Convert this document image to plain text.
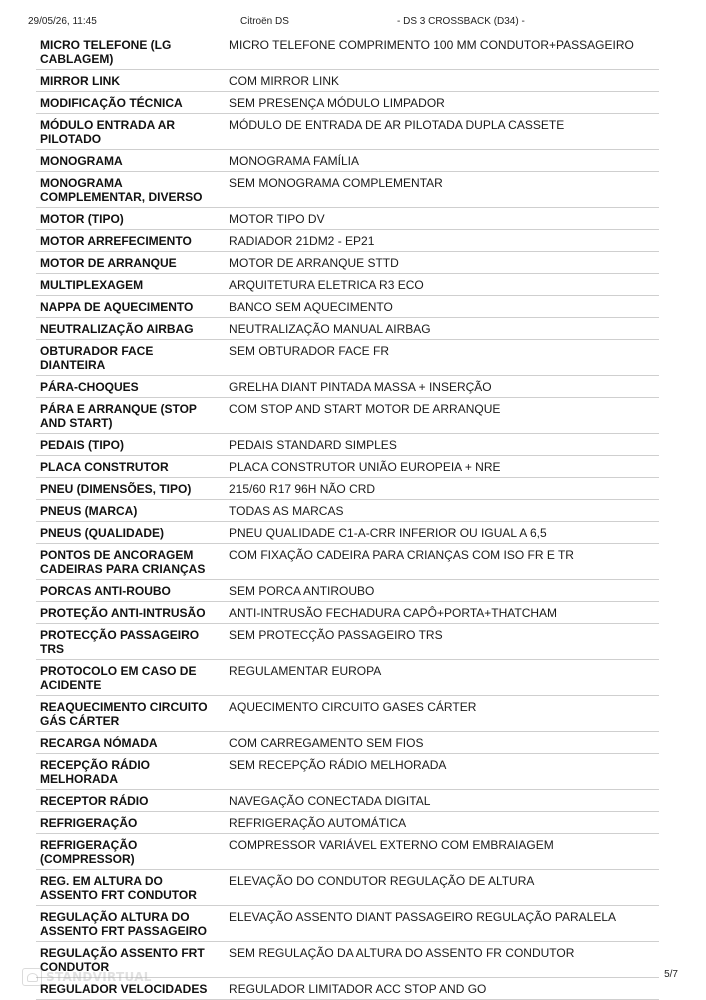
29/05/26, 11:45	Citroën DS	- DS 3 CROSSBACK (D34) -
MICRO TELEFONE (LG CABLAGEM)	MICRO TELEFONE COMPRIMENTO 100 MM CONDUTOR+PASSAGEIRO
MIRROR LINK	COM MIRROR LINK
MODIFICAÇÃO TÉCNICA	SEM PRESENÇA MÓDULO LIMPADOR
MÓDULO ENTRADA AR PILOTADO	MÓDULO DE ENTRADA DE AR PILOTADA DUPLA CASSETE
MONOGRAMA	MONOGRAMA FAMÍLIA
MONOGRAMA COMPLEMENTAR, DIVERSO	SEM MONOGRAMA COMPLEMENTAR
MOTOR (TIPO)	MOTOR TIPO DV
MOTOR ARREFECIMENTO	RADIADOR 21DM2 - EP21
MOTOR DE ARRANQUE	MOTOR DE ARRANQUE STTD
MULTIPLEXAGEM	ARQUITETURA ELETRICA R3 ECO
NAPPA DE AQUECIMENTO	BANCO SEM AQUECIMENTO
NEUTRALIZAÇÃO AIRBAG	NEUTRALIZAÇÃO MANUAL AIRBAG
OBTURADOR FACE DIANTEIRA	SEM OBTURADOR FACE FR
PÁRA-CHOQUES	GRELHA DIANT PINTADA MASSA + INSERÇÃO
PÁRA E ARRANQUE (STOP AND START)	COM STOP AND START MOTOR DE ARRANQUE
PEDAIS (TIPO)	PEDAIS STANDARD SIMPLES
PLACA CONSTRUTOR	PLACA CONSTRUTOR UNIÃO EUROPEIA + NRE
PNEU (DIMENSÕES, TIPO)	215/60 R17 96H NÃO CRD
PNEUS (MARCA)	TODAS AS MARCAS
PNEUS (QUALIDADE)	PNEU QUALIDADE C1-A-CRR INFERIOR OU IGUAL A 6,5
PONTOS DE ANCORAGEM CADEIRAS PARA CRIANÇAS	COM FIXAÇÃO CADEIRA PARA CRIANÇAS COM ISO FR E TR
PORCAS ANTI-ROUBO	SEM PORCA ANTIROUBO
PROTEÇÃO ANTI-INTRUSÃO	ANTI-INTRUSÃO FECHADURA CAPÔ+PORTA+THATCHAM
PROTECÇÃO PASSAGEIRO TRS	SEM PROTECÇÃO PASSAGEIRO TRS
PROTOCOLO EM CASO DE ACIDENTE	REGULAMENTAR EUROPA
REAQUECIMENTO CIRCUITO GÁS CÁRTER	AQUECIMENTO CIRCUITO GASES CÁRTER
RECARGA NÓMADA	COM CARREGAMENTO SEM FIOS
RECEPÇÃO RÁDIO MELHORADA	SEM RECEPÇÃO RÁDIO MELHORADA
RECEPTOR RÁDIO	NAVEGAÇÃO CONECTADA DIGITAL
REFRIGERAÇÃO	REFRIGERAÇÃO AUTOMÁTICA
REFRIGERAÇÃO (COMPRESSOR)	COMPRESSOR VARIÁVEL EXTERNO COM EMBRAIAGEM
REG. EM ALTURA DO ASSENTO FRT CONDUTOR	ELEVAÇÃO DO CONDUTOR REGULAÇÃO DE ALTURA
REGULAÇÃO ALTURA DO ASSENTO FRT PASSAGEIRO	ELEVAÇÃO ASSENTO DIANT PASSAGEIRO REGULAÇÃO PARALELA
REGULAÇÃO ASSENTO FRT CONDUTOR	SEM REGULAÇÃO DA ALTURA DO ASSENTO FR CONDUTOR
REGULADOR VELOCIDADES	REGULADOR LIMITADOR ACC STOP AND GO
STANDVIRTUAL	5/7
